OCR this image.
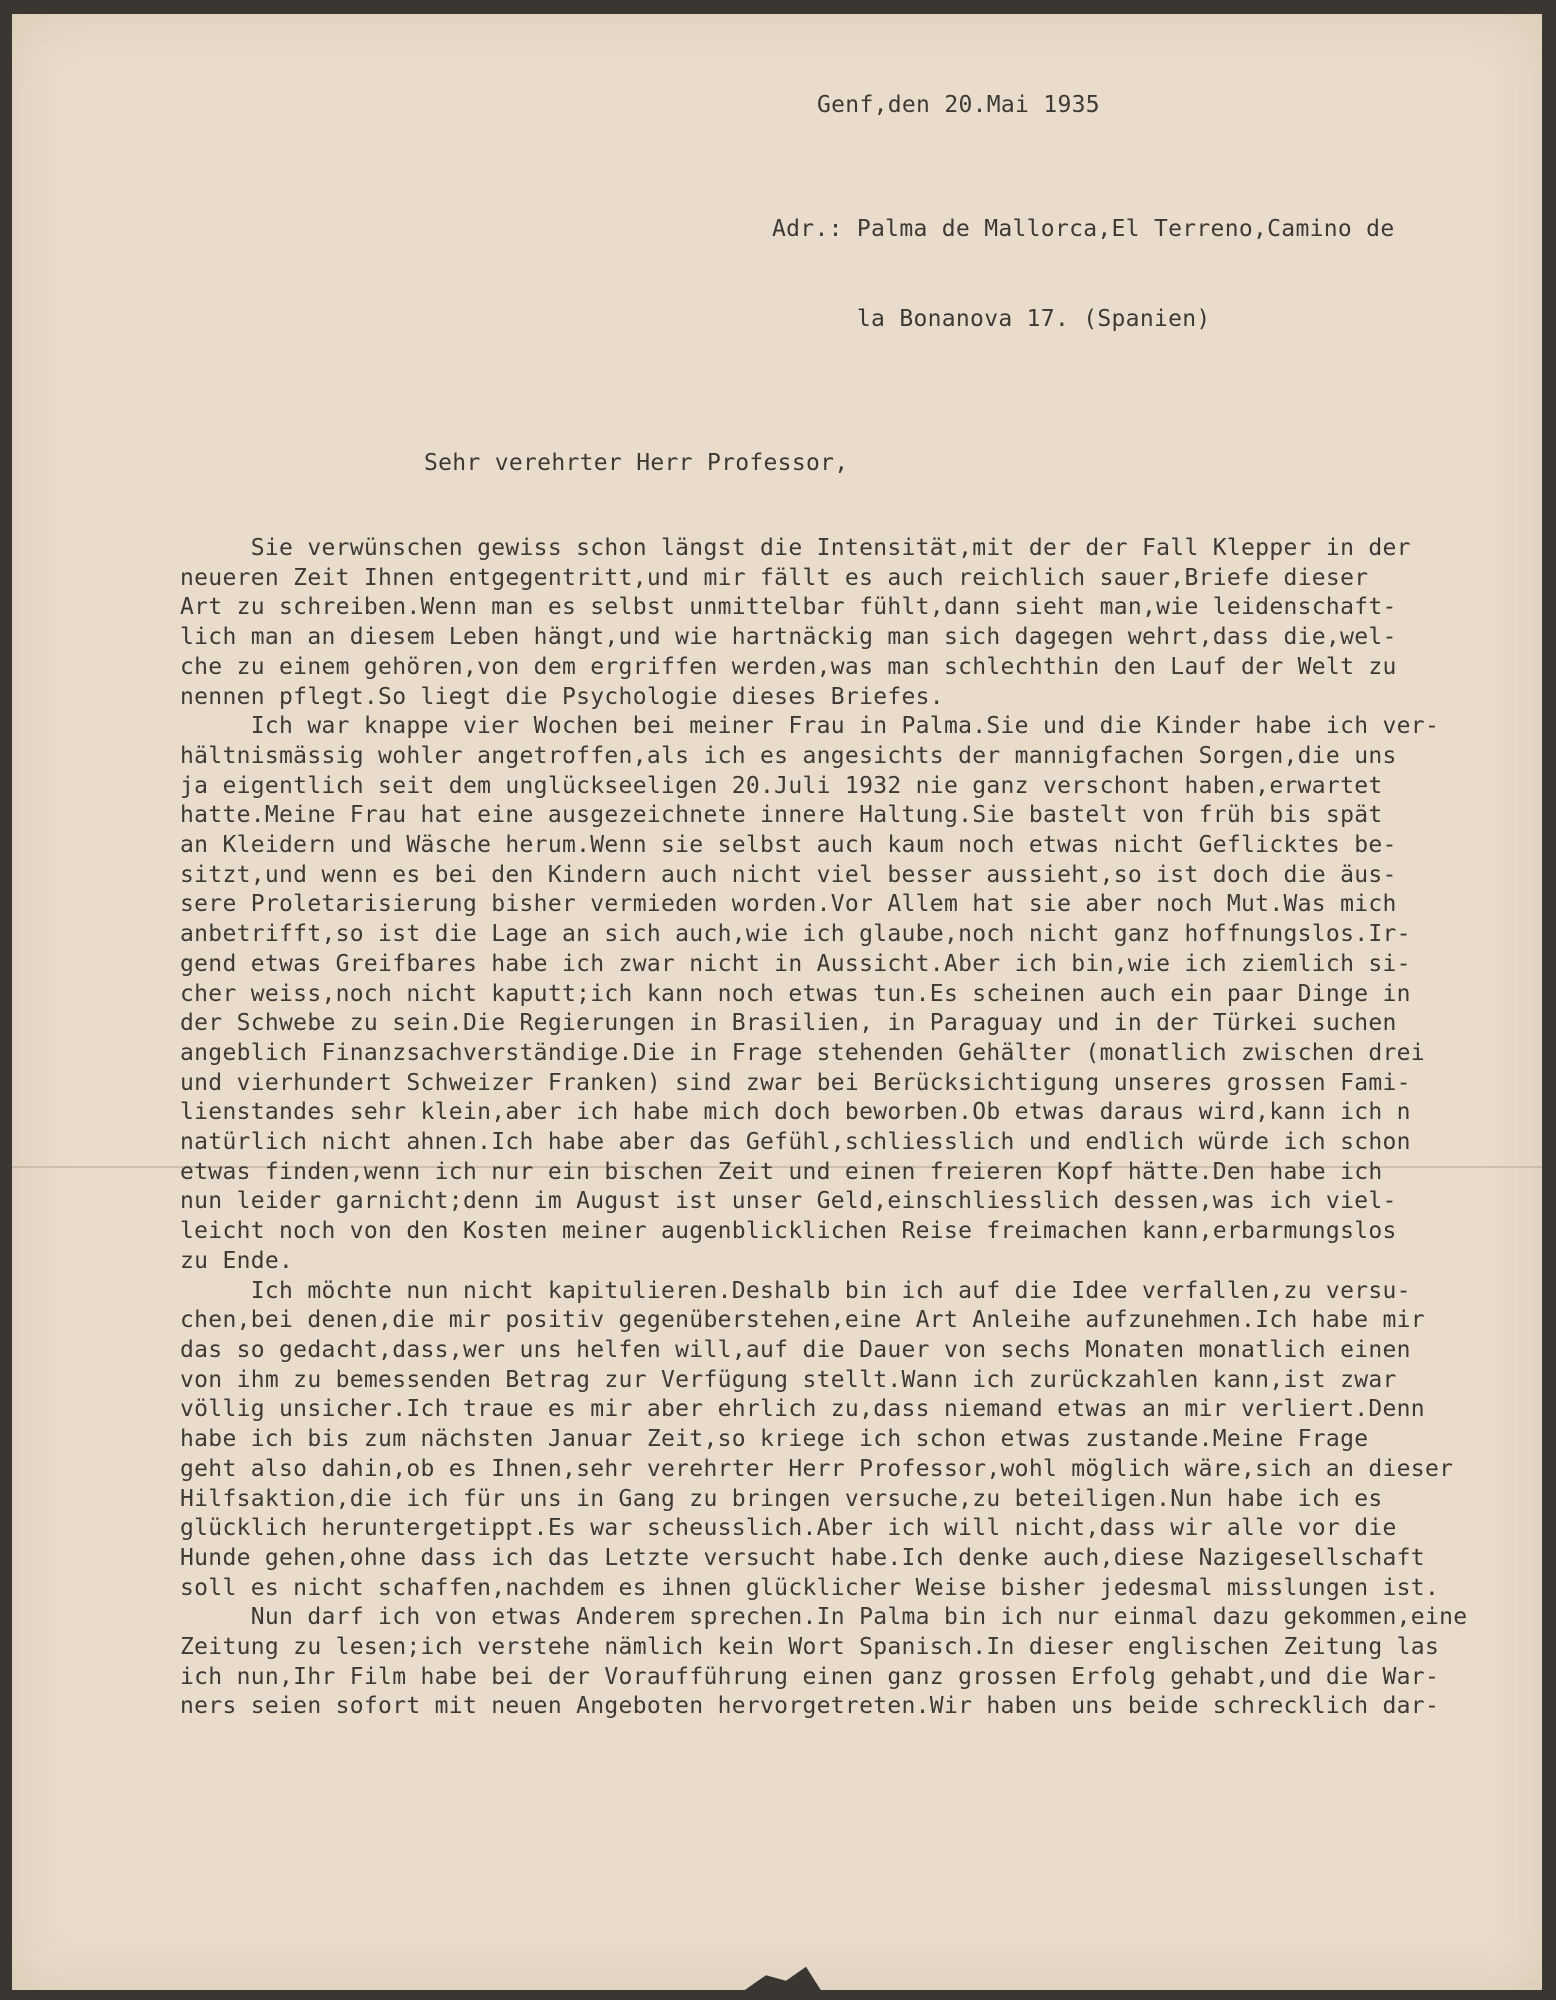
Genf,den 20.Mai 1935

Adr.: Palma de Mallorca,El Terreno,Camino de

la Bonanova 17. (Spanien)

Sehr verehrter Herr Professor,
Sie verwünschen gewiss schon längst die Intensität,mit der der Fall Klepper in der
neueren Zeit Ihnen entgegentritt,und mir fällt es auch reichlich sauer,Briefe dieser
Art zu schreiben.Wenn man es selbst unmittelbar fühlt,dann sieht man,wie leidenschaft-
lich man an diesem Leben hängt,und wie hartnäckig man sich dagegen wehrt,dass die,wel-
che zu einem gehören,von dem ergriffen werden,was man schlechthin den Lauf der Welt zu
nennen pflegt.So liegt die Psychologie dieses Briefes.
Ich war knappe vier Wochen bei meiner Frau in Palma.Sie und die Kinder habe ich ver-
hältnismässig wohler angetroffen,als ich es angesichts der mannigfachen Sorgen,die uns
ja eigentlich seit dem unglückseeligen 20.Juli 1932 nie ganz verschont haben,erwartet
hatte.Meine Frau hat eine ausgezeichnete innere Haltung.Sie bastelt von früh bis spät
an Kleidern und Wäsche herum.Wenn sie selbst auch kaum noch etwas nicht Geflicktes be-
sitzt,und wenn es bei den Kindern auch nicht viel besser aussieht,so ist doch die äus-
sere Proletarisierung bisher vermieden worden.Vor Allem hat sie aber noch Mut.Was mich
anbetrifft,so ist die Lage an sich auch,wie ich glaube,noch nicht ganz hoffnungslos.Ir-
gend etwas Greifbares habe ich zwar nicht in Aussicht.Aber ich bin,wie ich ziemlich si-
cher weiss,noch nicht kaputt;ich kann noch etwas tun.Es scheinen auch ein paar Dinge in
der Schwebe zu sein.Die Regierungen in Brasilien, in Paraguay und in der Türkei suchen
angeblich Finanzsachverständige.Die in Frage stehenden Gehälter (monatlich zwischen drei
und vierhundert Schweizer Franken) sind zwar bei Berücksichtigung unseres grossen Fami-
lienstandes sehr klein,aber ich habe mich doch beworben.Ob etwas daraus wird,kann ich n
natürlich nicht ahnen.Ich habe aber das Gefühl,schliesslich und endlich würde ich schon
etwas finden,wenn ich nur ein bischen Zeit und einen freieren Kopf hätte.Den habe ich
nun leider garnicht;denn im August ist unser Geld,einschliesslich dessen,was ich viel-
leicht noch von den Kosten meiner augenblicklichen Reise freimachen kann,erbarmungslos
zu Ende.
Ich möchte nun nicht kapitulieren.Deshalb bin ich auf die Idee verfallen,zu versu-
chen,bei denen,die mir positiv gegenüberstehen,eine Art Anleihe aufzunehmen.Ich habe mir
das so gedacht,dass,wer uns helfen will,auf die Dauer von sechs Monaten monatlich einen
von ihm zu bemessenden Betrag zur Verfügung stellt.Wann ich zurückzahlen kann,ist zwar
völlig unsicher.Ich traue es mir aber ehrlich zu,dass niemand etwas an mir verliert.Denn
habe ich bis zum nächsten Januar Zeit,so kriege ich schon etwas zustande.Meine Frage
geht also dahin,ob es Ihnen,sehr verehrter Herr Professor,wohl möglich wäre,sich an dieser
Hilfsaktion,die ich für uns in Gang zu bringen versuche,zu beteiligen.Nun habe ich es
glücklich heruntergetippt.Es war scheusslich.Aber ich will nicht,dass wir alle vor die
Hunde gehen,ohne dass ich das Letzte versucht habe.Ich denke auch,diese Nazigesellschaft
soll es nicht schaffen,nachdem es ihnen glücklicher Weise bisher jedesmal misslungen ist.
Nun darf ich von etwas Anderem sprechen.In Palma bin ich nur einmal dazu gekommen,eine
Zeitung zu lesen;ich verstehe nämlich kein Wort Spanisch.In dieser englischen Zeitung las
ich nun,Ihr Film habe bei der Voraufführung einen ganz grossen Erfolg gehabt,und die War-
ners seien sofort mit neuen Angeboten hervorgetreten.Wir haben uns beide schrecklich dar-
